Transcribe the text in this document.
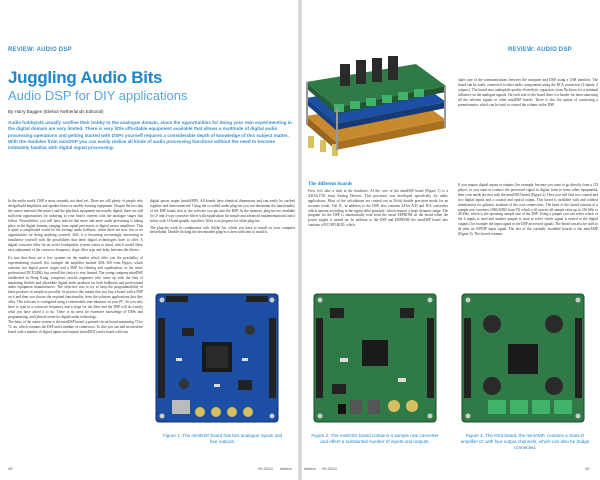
REVIEW: AUDIO DSP
Juggling Audio Bits
Audio DSP for DIY applications
By Harry Baggen (Elektor Netherlands Editorial)
Audio hobbyists usually confine their hobby to the analogue domain, since the opportunities for doing your own experimenting in the digital domain are very limited. There is very little affordable equipment available that allows a multitude of digital audio processing operations and getting started with DSPs yourself requires a considerable depth of knowledge of this subject matter. With the modules from miniDSP you can easily realise all kinds of audio processing functions without the need to become intimately familiar with digital signal processing.

In the audio world, DSP is most certainly not dead yet. There are still plenty of people who design/build amplifiers and speaker boxes or modify existing equipment. Despite the fact that the source material (the music) and the playback equipment are usually digital, there are still sufficient opportunities for tinkering to your heart's content with the analogue stages that follow. Nevertheless, you will have noticed that more and more audio processing is taking place in the digital domain, ranging from signal processors to digital power amplifiers. This is quite a complicated world for the average audio hobbyist, where there are now few or no opportunities for doing anything yourself. Still, it is becoming increasingly interesting to familiarise yourself with the possibilities that these digital technologies have to offer. A digital crossover filter for an active loudspeaker system comes to mind, which would allow easy adjustment of the crossover frequency, slope, filter type and delay between the drivers.

It's true that there are a few systems on the market which offer you the possibility of experimenting yourself (for example the amplifier module ADL-100 from Hypex, which contains two digital power stages and a DSP for filtering and equalisation, or the semi-professional DCX2496), but overall the choice is very limited. The young company miniDSP, established in Hong Kong, comprises several engineers who came up with the idea of marketing flexible and affordable digital audio products for both hobbyists and professional audio equipment manufacturers. The objective was to try to keep the programmability of these products as simple as possible. In practice this means that you buy a board with a DSP on it and then you choose the required functionality from the software applications that they offer. This software is configured using a comfortable user-interface on your PC. So you only have to type in a crossover frequency and a slope for the filter and the DSP will do exactly what you have asked it to do. There is no need for extensive knowledge of DSPs and programming, and (almost) none for digital audio technology.

The basis of the entire system is the miniDSP board, a printed circuit board measuring 72 by 72 cm, which contains the DSP and a number of connectors. To this you can add an interface board with a number of digital inputs and outputs (miniDIGI) and a board with four

digital power stages (miniAMP). All boards have identical dimensions and can easily be stacked together and interconnected. Using the so-called audio plug-ins you can determine the functionality of the DSP board, that is, the software you put into the DSP. At the moment, plug-ins are available for 2- and 4-way crossover filters with equalisation (in simple and advanced implementations) and a mixer with 31-band graphic equaliser. Work is in progress for other plug-ins.

The plug-ins work in combination with Adobe Air, which you have to install on your computer beforehand. Double-clicking the downloaded plug-in is then sufficient to install it.

Figure 1. The miniDSP board has two analogue inputs and four outputs.
48	09-2010 elektor
REVIEW: AUDIO DSP
takes care of the communications between the computer and DSP, using a USB interface. The board can be easily connected to other audio components using the RCA connectors (2 inputs, 4 outputs). The board uses audiophile quality electrolytic capacitors from Nichicon for a minimal influence on the analogue signals. On each side of the board there is a header for interconnecting all the relevant signals to other miniDSP boards. There is also the option of connecting a potentiometer, which can be used to control the volume in the DSP.
The different boards

First, let's take a look at the hardware. At the core of the miniDSP board (Figure 1) is a ADAU1701 from Analog Devices. This processor was developed specifically for audio applications. Most of the calculations are carried out in 56-bit double precision mode for an accurate result. The IC, in addition to the DSP, also contains 24-bit A/D and D/A converters which operate according to the sigma-delta principle, which ensures a large dynamic range. The program for the DSP is automatically read from the serial EEPROM on the board when the power supply it turned on. In addition to the DSP and EEPROM the miniDSP board also contains a PIC18F14K50, which

If you require digital inputs or outputs (for example, because you want to go directly from a CD player, or you want to connect the processed signal in digital form to some other equipment), then your needs are met with the miniDIGI board (Figure 2). Here you will find two coaxial and two digital inputs and a coaxial and optical output. This board is available with and without transformers for galvanic isolation of the coax connections. The heart of this board consists of a sample rate converter (SRC4382I from TI) which will convert all sample rates up to 216 kHz to 48 kHz, which is the operating sample rate of the DSP. Using a jumper you can select which of the 4 inputs is used and another jumper is used to select which signal is routed to the digital outputs (for example the input signal or the DSP processed signal). The board can also be used to de-jitter an S/PDIF input signal. The last of the currently available boards is the miniAMP (Figure 3). This board contains

Figure 2. The miniDIGI board contains a sample rate converter and offers a substantial number of inputs and outputs.
Figure 3. The third board, the miniAMP, contains a class-D amplifier IC with four output channels, which can also be bridge connected.
elektor 09-2010	49
